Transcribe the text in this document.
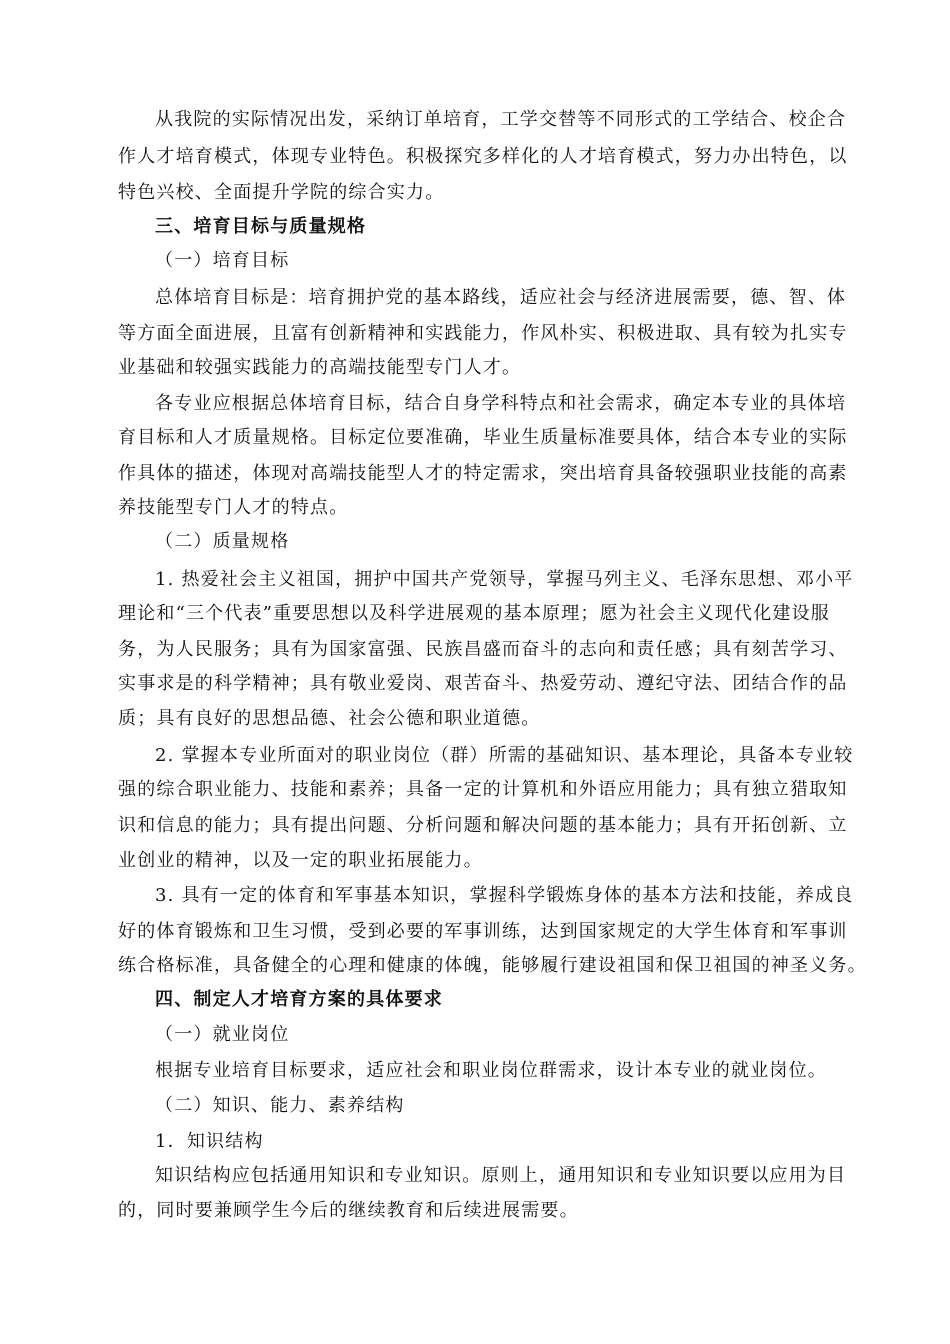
从我院的实际情况出发，采纳订单培育，工学交替等不同形式的工学结合、校企合
作人才培育模式，体现专业特色。积极探究多样化的人才培育模式，努力办出特色，以
特色兴校、全面提升学院的综合实力。
三、培育目标与质量规格
（一）培育目标
总体培育目标是：培育拥护党的基本路线，适应社会与经济进展需要，德、智、体
等方面全面进展，且富有创新精神和实践能力，作风朴实、积极进取、具有较为扎实专
业基础和较强实践能力的高端技能型专门人才。
各专业应根据总体培育目标，结合自身学科特点和社会需求，确定本专业的具体培
育目标和人才质量规格。目标定位要准确，毕业生质量标准要具体，结合本专业的实际
作具体的描述，体现对高端技能型人才的特定需求，突出培育具备较强职业技能的高素
养技能型专门人才的特点。
（二）质量规格
1. 热爱社会主义祖国，拥护中国共产党领导，掌握马列主义、毛泽东思想、邓小平
理论和“三个代表”重要思想以及科学进展观的基本原理；愿为社会主义现代化建设服
务，为人民服务；具有为国家富强、民族昌盛而奋斗的志向和责任感；具有刻苦学习、
实事求是的科学精神；具有敬业爱岗、艰苦奋斗、热爱劳动、遵纪守法、团结合作的品
质；具有良好的思想品德、社会公德和职业道德。
2. 掌握本专业所面对的职业岗位（群）所需的基础知识、基本理论，具备本专业较
强的综合职业能力、技能和素养；具备一定的计算机和外语应用能力；具有独立猎取知
识和信息的能力；具有提出问题、分析问题和解决问题的基本能力；具有开拓创新、立
业创业的精神，以及一定的职业拓展能力。
3. 具有一定的体育和军事基本知识，掌握科学锻炼身体的基本方法和技能，养成良
好的体育锻炼和卫生习惯，受到必要的军事训练，达到国家规定的大学生体育和军事训
练合格标准，具备健全的心理和健康的体魄，能够履行建设祖国和保卫祖国的神圣义务。
四、制定人才培育方案的具体要求
（一）就业岗位
根据专业培育目标要求，适应社会和职业岗位群需求，设计本专业的就业岗位。
（二）知识、能力、素养结构
1．知识结构
知识结构应包括通用知识和专业知识。原则上，通用知识和专业知识要以应用为目
的，同时要兼顾学生今后的继续教育和后续进展需要。
